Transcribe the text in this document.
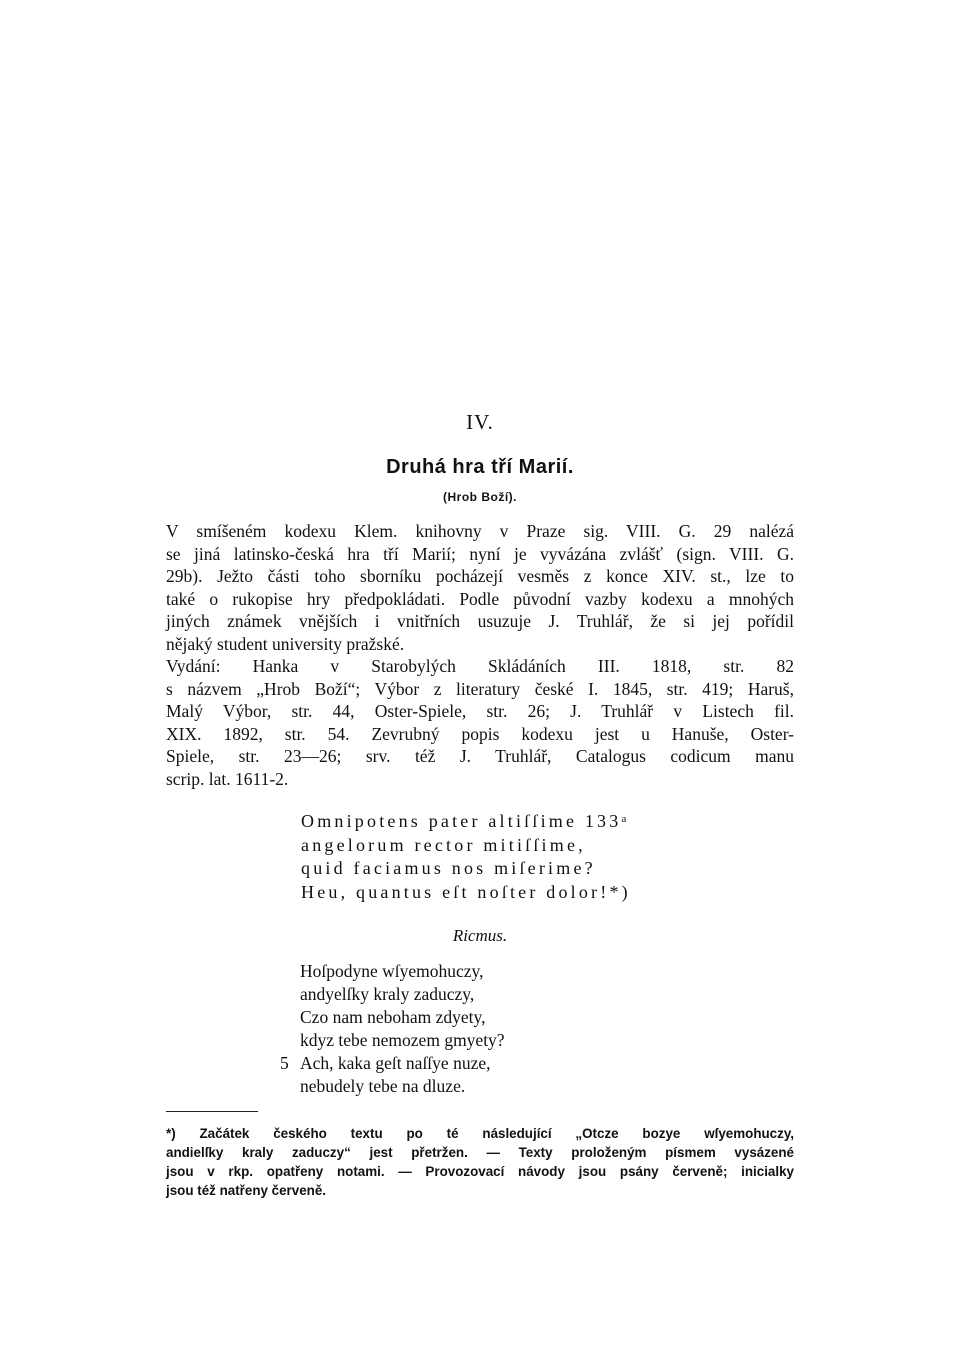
IV.
Druhá hra tří Marií.
(Hrob Boží).
V smíšeném kodexu Klem. knihovny v Praze sig. VIII. G. 29 nalézá
se jiná latinsko-česká hra tří Marií; nyní je vyvázána zvlášť (sign. VIII. G.
29b). Ježto části toho sborníku pocházejí vesměs z konce XIV. st., lze to
také o rukopise hry předpokládati. Podle původní vazby kodexu a mnohých
jiných známek vnějších i vnitřních usuzuje J. Truhlář, že si jej pořídil
nějaký student university pražské.
Vydání: Hanka v Starobylých Skládáních III. 1818, str. 82
s názvem „Hrob Boží“; Výbor z literatury české I. 1845, str. 419; Haruš,
Malý Výbor, str. 44, Oster-Spiele, str. 26; J. Truhlář v Listech fil.
XIX. 1892, str. 54. Zevrubný popis kodexu jest u Hanuše, Oster-
Spiele, str. 23—26; srv. též J. Truhlář, Catalogus codicum manu
scrip. lat. 1611-2.
Omnipotens pater altiſſime 133ᵃ
angelorum rector mitiſſime,
quid faciamus nos miſerime?
Heu, quantus eſt noſter dolor!*)
Ricmus.
Hoſpodyne wſyemohuczy,
andyelſky kraly zaduczy,
Czo nam neboham zdyety,
kdyz tebe nemozem gmyety?
5 Ach, kaka geſt naſſye nuze,
nebudely tebe na dluze.
*) Začátek českého textu po té následující „Otcze bozye wſyemohuczy,
andielſky kraly zaduczy“ jest přetržen. — Texty proloženým písmem vysázené
jsou v rkp. opatřeny notami. — Provozovací návody jsou psány červeně; inicialky
jsou též natřeny červeně.
